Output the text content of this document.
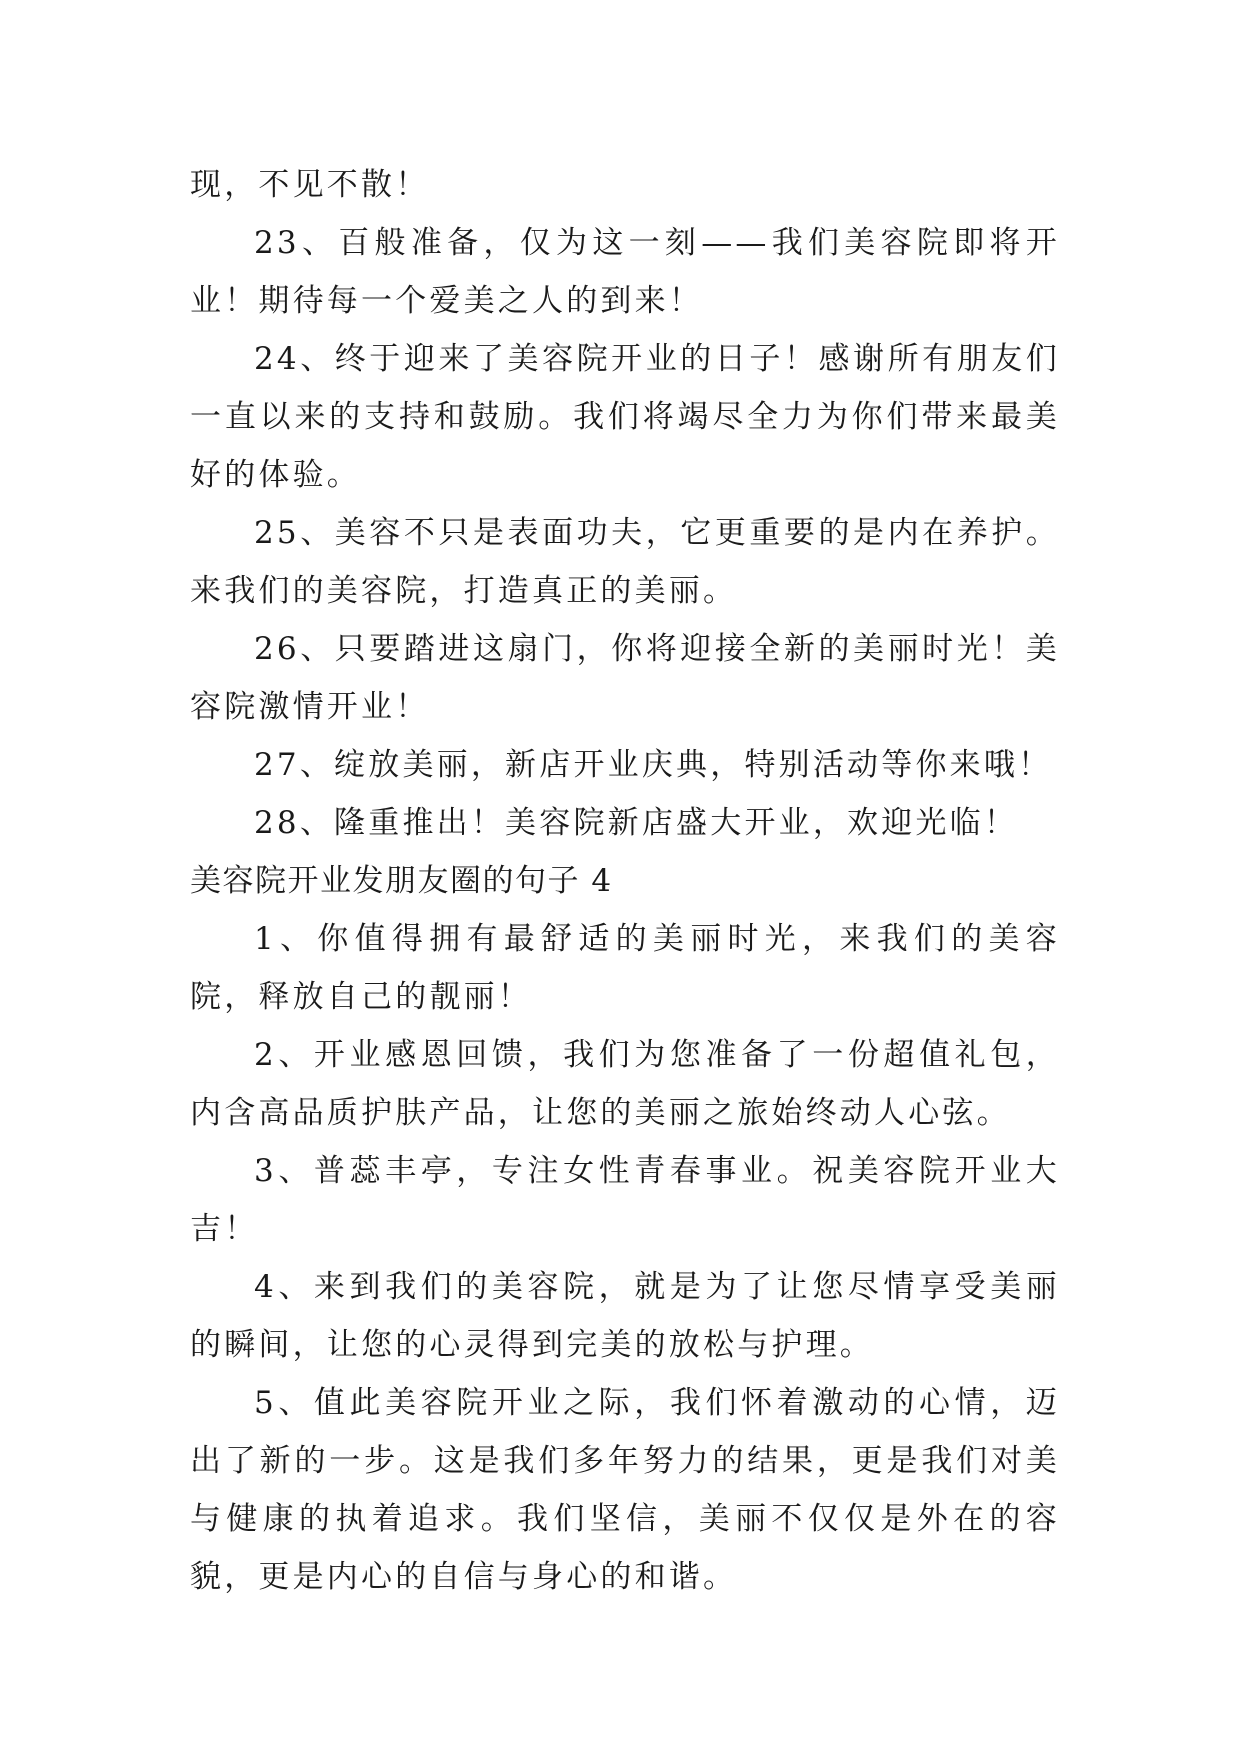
现，不见不散！

23、百般准备，仅为这一刻——我们美容院即将开业！期待每一个爱美之人的到来！

24、终于迎来了美容院开业的日子！感谢所有朋友们一直以来的支持和鼓励。我们将竭尽全力为你们带来最美好的体验。

25、美容不只是表面功夫，它更重要的是内在养护。来我们的美容院，打造真正的美丽。

26、只要踏进这扇门，你将迎接全新的美丽时光！美容院激情开业！

27、绽放美丽，新店开业庆典，特别活动等你来哦！

28、隆重推出！美容院新店盛大开业，欢迎光临！

美容院开业发朋友圈的句子 4

1、你值得拥有最舒适的美丽时光，来我们的美容院，释放自己的靓丽！

2、开业感恩回馈，我们为您准备了一份超值礼包，内含高品质护肤产品，让您的美丽之旅始终动人心弦。

3、普蕊丰亭，专注女性青春事业。祝美容院开业大吉！

4、来到我们的美容院，就是为了让您尽情享受美丽的瞬间，让您的心灵得到完美的放松与护理。

5、值此美容院开业之际，我们怀着激动的心情，迈出了新的一步。这是我们多年努力的结果，更是我们对美与健康的执着追求。我们坚信，美丽不仅仅是外在的容貌，更是内心的自信与身心的和谐。
